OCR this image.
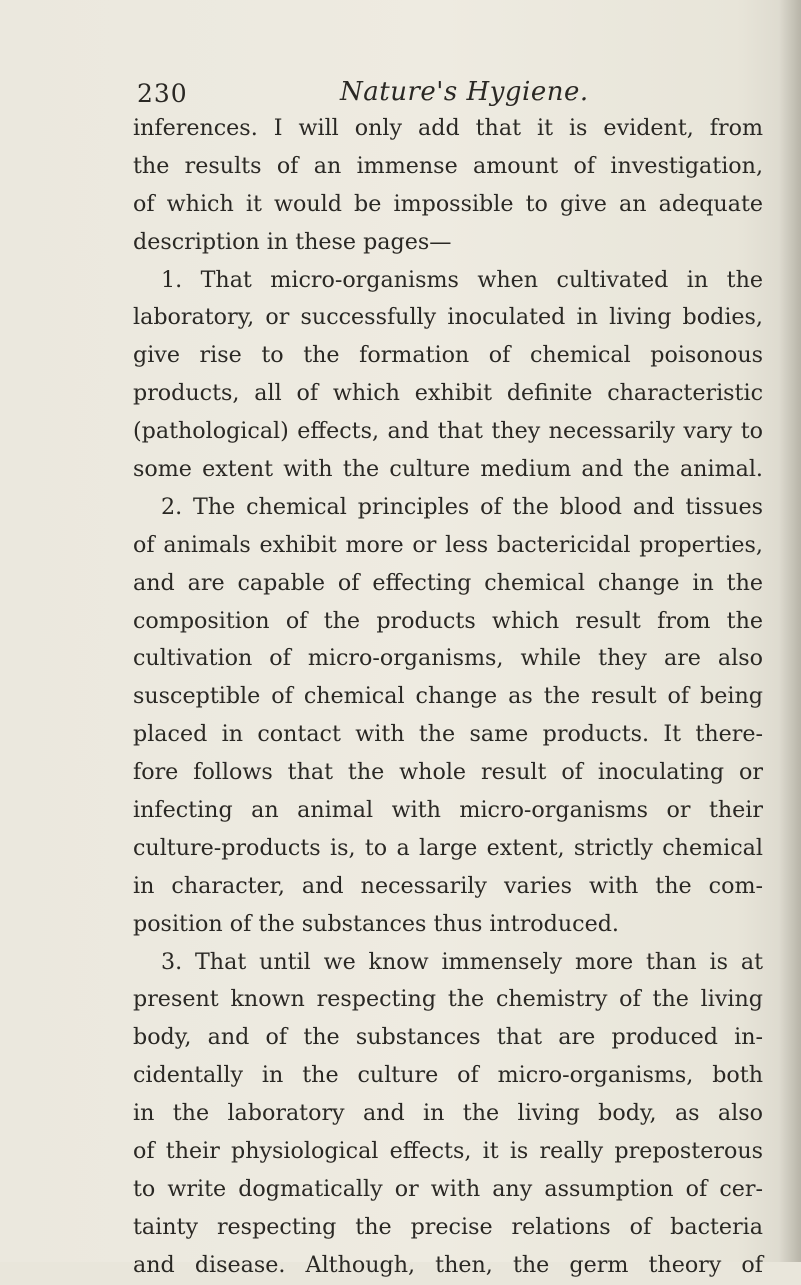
230	Nature's Hygiene.
inferences. I will only add that it is evident, from
the results of an immense amount of investigation,
of which it would be impossible to give an adequate
description in these pages—
1. That micro-organisms when cultivated in the
laboratory, or successfully inoculated in living bodies,
give rise to the formation of chemical poisonous
products, all of which exhibit definite characteristic
(pathological) effects, and that they necessarily vary to
some extent with the culture medium and the animal.
2. The chemical principles of the blood and tissues
of animals exhibit more or less bactericidal properties,
and are capable of effecting chemical change in the
composition of the products which result from the
cultivation of micro-organisms, while they are also
susceptible of chemical change as the result of being
placed in contact with the same products. It there-
fore follows that the whole result of inoculating or
infecting an animal with micro-organisms or their
culture-products is, to a large extent, strictly chemical
in character, and necessarily varies with the com-
position of the substances thus introduced.
3. That until we know immensely more than is at
present known respecting the chemistry of the living
body, and of the substances that are produced in-
cidentally in the culture of micro-organisms, both
in the laboratory and in the living body, as also
of their physiological effects, it is really preposterous
to write dogmatically or with any assumption of cer-
tainty respecting the precise relations of bacteria
and disease. Although, then, the germ theory of
